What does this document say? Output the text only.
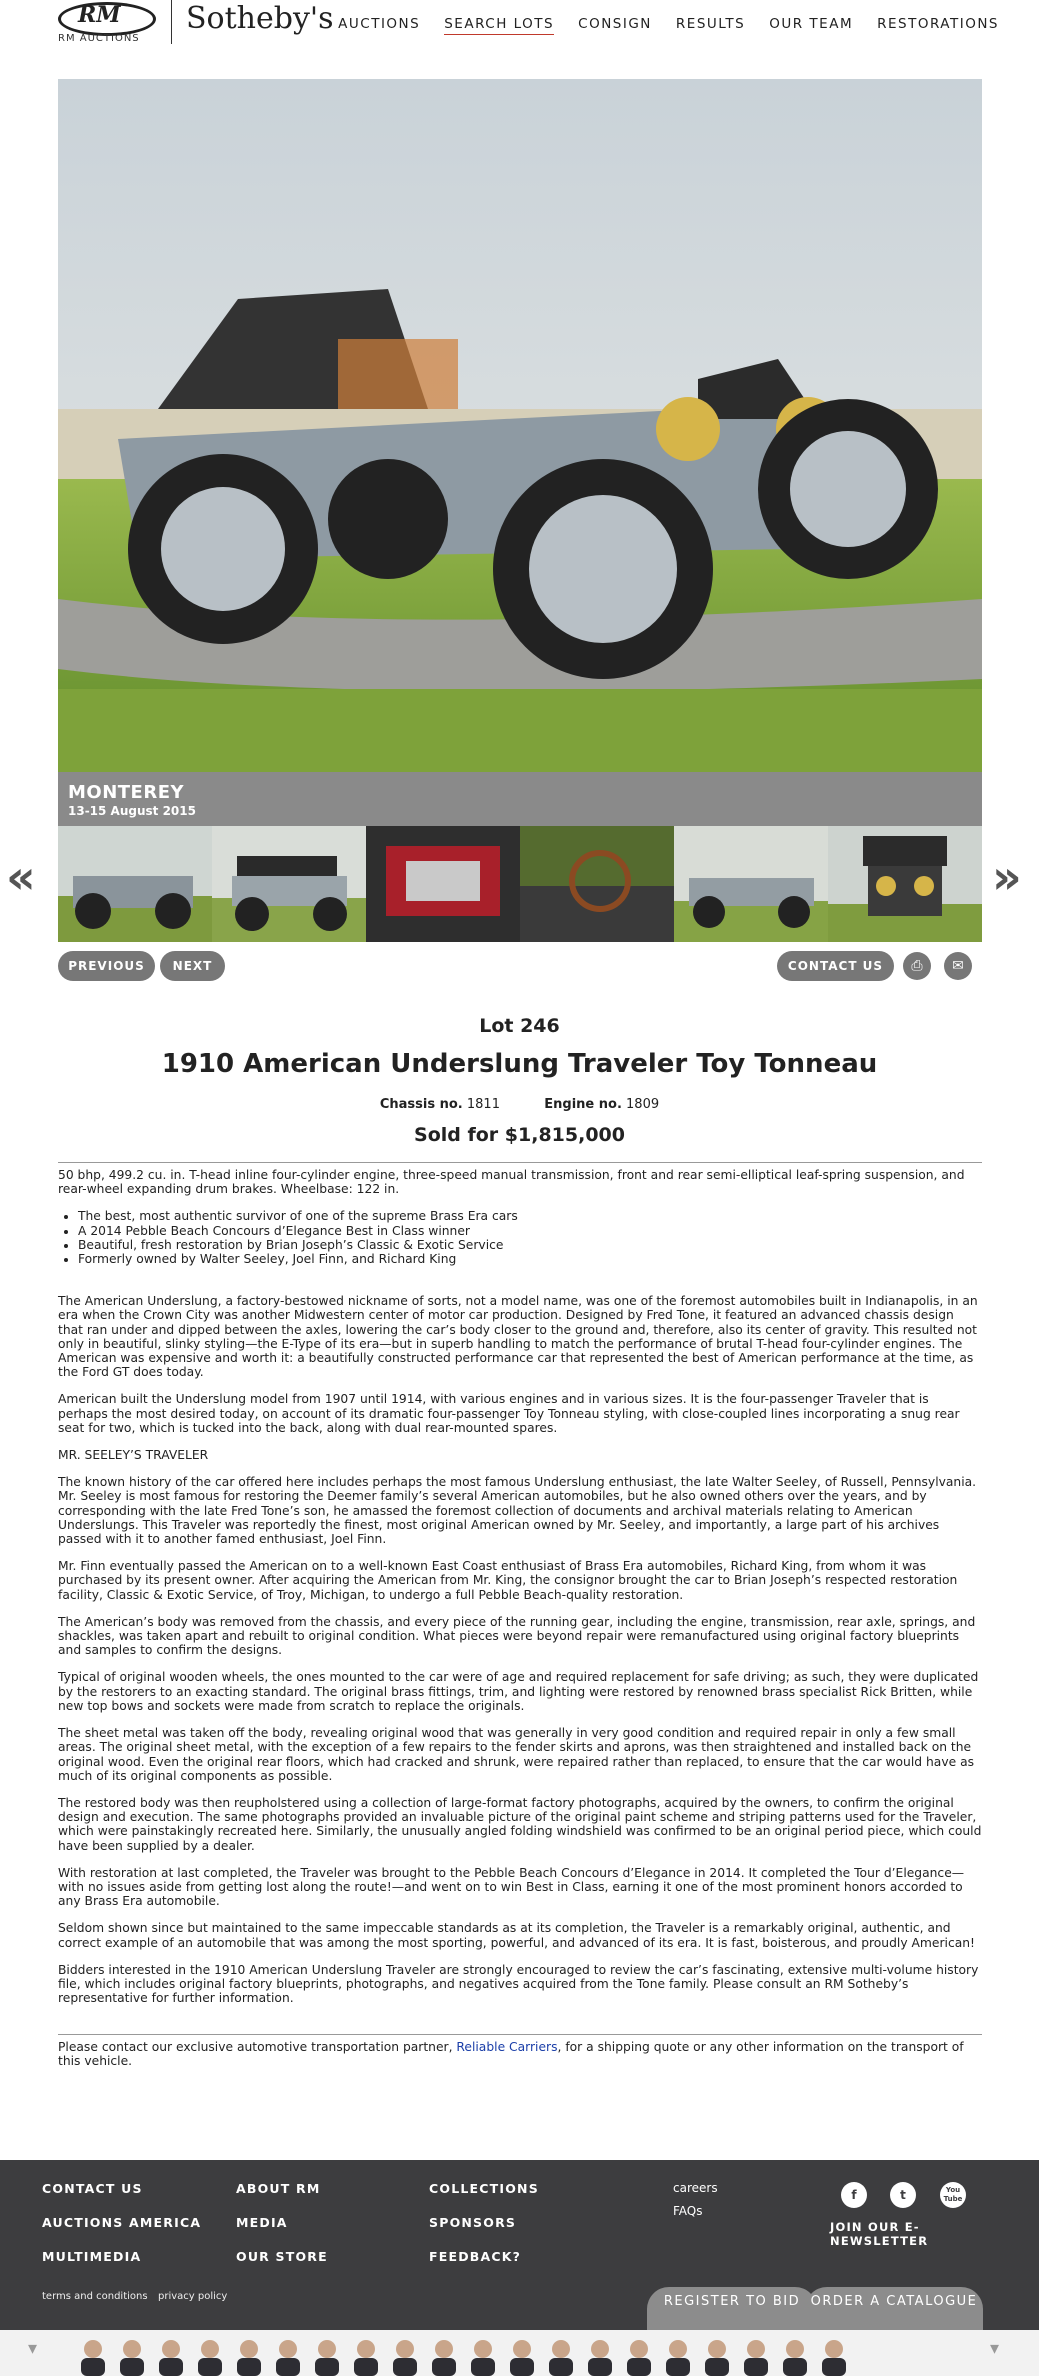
RM
RM AUCTIONS
Sotheby's AUCTIONS SEARCH LOTS CONSIGN RESULTS OUR TEAM RESTORATIONS
MONTEREY
13-15 August 2015
«	»
PREVIOUS	NEXT	CONTACT US	⎙	✉
Lot 246
1910 American Underslung Traveler Toy Tonneau
Chassis no. 1811	Engine no. 1809
Sold for $1,815,000

50 bhp, 499.2 cu. in. T-head inline four-cylinder engine, three-speed manual transmission, front and rear semi-elliptical leaf-spring suspension, and rear-wheel expanding drum brakes. Wheelbase: 122 in.

• The best, most authentic survivor of one of the supreme Brass Era cars
• A 2014 Pebble Beach Concours d’Elegance Best in Class winner
• Beautiful, fresh restoration by Brian Joseph’s Classic & Exotic Service
• Formerly owned by Walter Seeley, Joel Finn, and Richard King

The American Underslung, a factory-bestowed nickname of sorts, not a model name, was one of the foremost automobiles built in Indianapolis, in an era when the Crown City was another Midwestern center of motor car production. Designed by Fred Tone, it featured an advanced chassis design that ran under and dipped between the axles, lowering the car’s body closer to the ground and, therefore, also its center of gravity. This resulted not only in beautiful, slinky styling—the E-Type of its era—but in superb handling to match the performance of brutal T-head four-cylinder engines. The American was expensive and worth it: a beautifully constructed performance car that represented the best of American performance at the time, as the Ford GT does today.

American built the Underslung model from 1907 until 1914, with various engines and in various sizes. It is the four-passenger Traveler that is perhaps the most desired today, on account of its dramatic four-passenger Toy Tonneau styling, with close-coupled lines incorporating a snug rear seat for two, which is tucked into the back, along with dual rear-mounted spares.

MR. SEELEY’S TRAVELER

The known history of the car offered here includes perhaps the most famous Underslung enthusiast, the late Walter Seeley, of Russell, Pennsylvania. Mr. Seeley is most famous for restoring the Deemer family’s several American automobiles, but he also owned others over the years, and by corresponding with the late Fred Tone’s son, he amassed the foremost collection of documents and archival materials relating to American Underslungs. This Traveler was reportedly the finest, most original American owned by Mr. Seeley, and importantly, a large part of his archives passed with it to another famed enthusiast, Joel Finn.

Mr. Finn eventually passed the American on to a well-known East Coast enthusiast of Brass Era automobiles, Richard King, from whom it was purchased by its present owner. After acquiring the American from Mr. King, the consignor brought the car to Brian Joseph’s respected restoration facility, Classic & Exotic Service, of Troy, Michigan, to undergo a full Pebble Beach-quality restoration.

The American’s body was removed from the chassis, and every piece of the running gear, including the engine, transmission, rear axle, springs, and shackles, was taken apart and rebuilt to original condition. What pieces were beyond repair were remanufactured using original factory blueprints and samples to confirm the designs.

Typical of original wooden wheels, the ones mounted to the car were of age and required replacement for safe driving; as such, they were duplicated by the restorers to an exacting standard. The original brass fittings, trim, and lighting were restored by renowned brass specialist Rick Britten, while new top bows and sockets were made from scratch to replace the originals.

The sheet metal was taken off the body, revealing original wood that was generally in very good condition and required repair in only a few small areas. The original sheet metal, with the exception of a few repairs to the fender skirts and aprons, was then straightened and installed back on the original wood. Even the original rear floors, which had cracked and shrunk, were repaired rather than replaced, to ensure that the car would have as much of its original components as possible.

The restored body was then reupholstered using a collection of large-format factory photographs, acquired by the owners, to confirm the original design and execution. The same photographs provided an invaluable picture of the original paint scheme and striping patterns used for the Traveler, which were painstakingly recreated here. Similarly, the unusually angled folding windshield was confirmed to be an original period piece, which could have been supplied by a dealer.

With restoration at last completed, the Traveler was brought to the Pebble Beach Concours d’Elegance in 2014. It completed the Tour d’Elegance—with no issues aside from getting lost along the route!—and went on to win Best in Class, earning it one of the most prominent honors accorded to any Brass Era automobile.

Seldom shown since but maintained to the same impeccable standards as at its completion, the Traveler is a remarkably original, authentic, and correct example of an automobile that was among the most sporting, powerful, and advanced of its era. It is fast, boisterous, and proudly American!

Bidders interested in the 1910 American Underslung Traveler are strongly encouraged to review the car’s fascinating, extensive multi-volume history file, which includes original factory blueprints, photographs, and negatives acquired from the Tone family. Please consult an RM Sotheby’s representative for further information.

Please contact our exclusive automotive transportation partner, Reliable Carriers, for a shipping quote or any other information on the transport of this vehicle.
CONTACT US
AUCTIONS AMERICA
MULTIMEDIA
ABOUT RM
MEDIA
OUR STORE
COLLECTIONS
SPONSORS
FEEDBACK?
careers
FAQs
f	t	You Tube
JOIN OUR E-NEWSLETTER
terms and conditions privacy policy	REGISTER TO BID ORDER A CATALOGUE
▾	▾
